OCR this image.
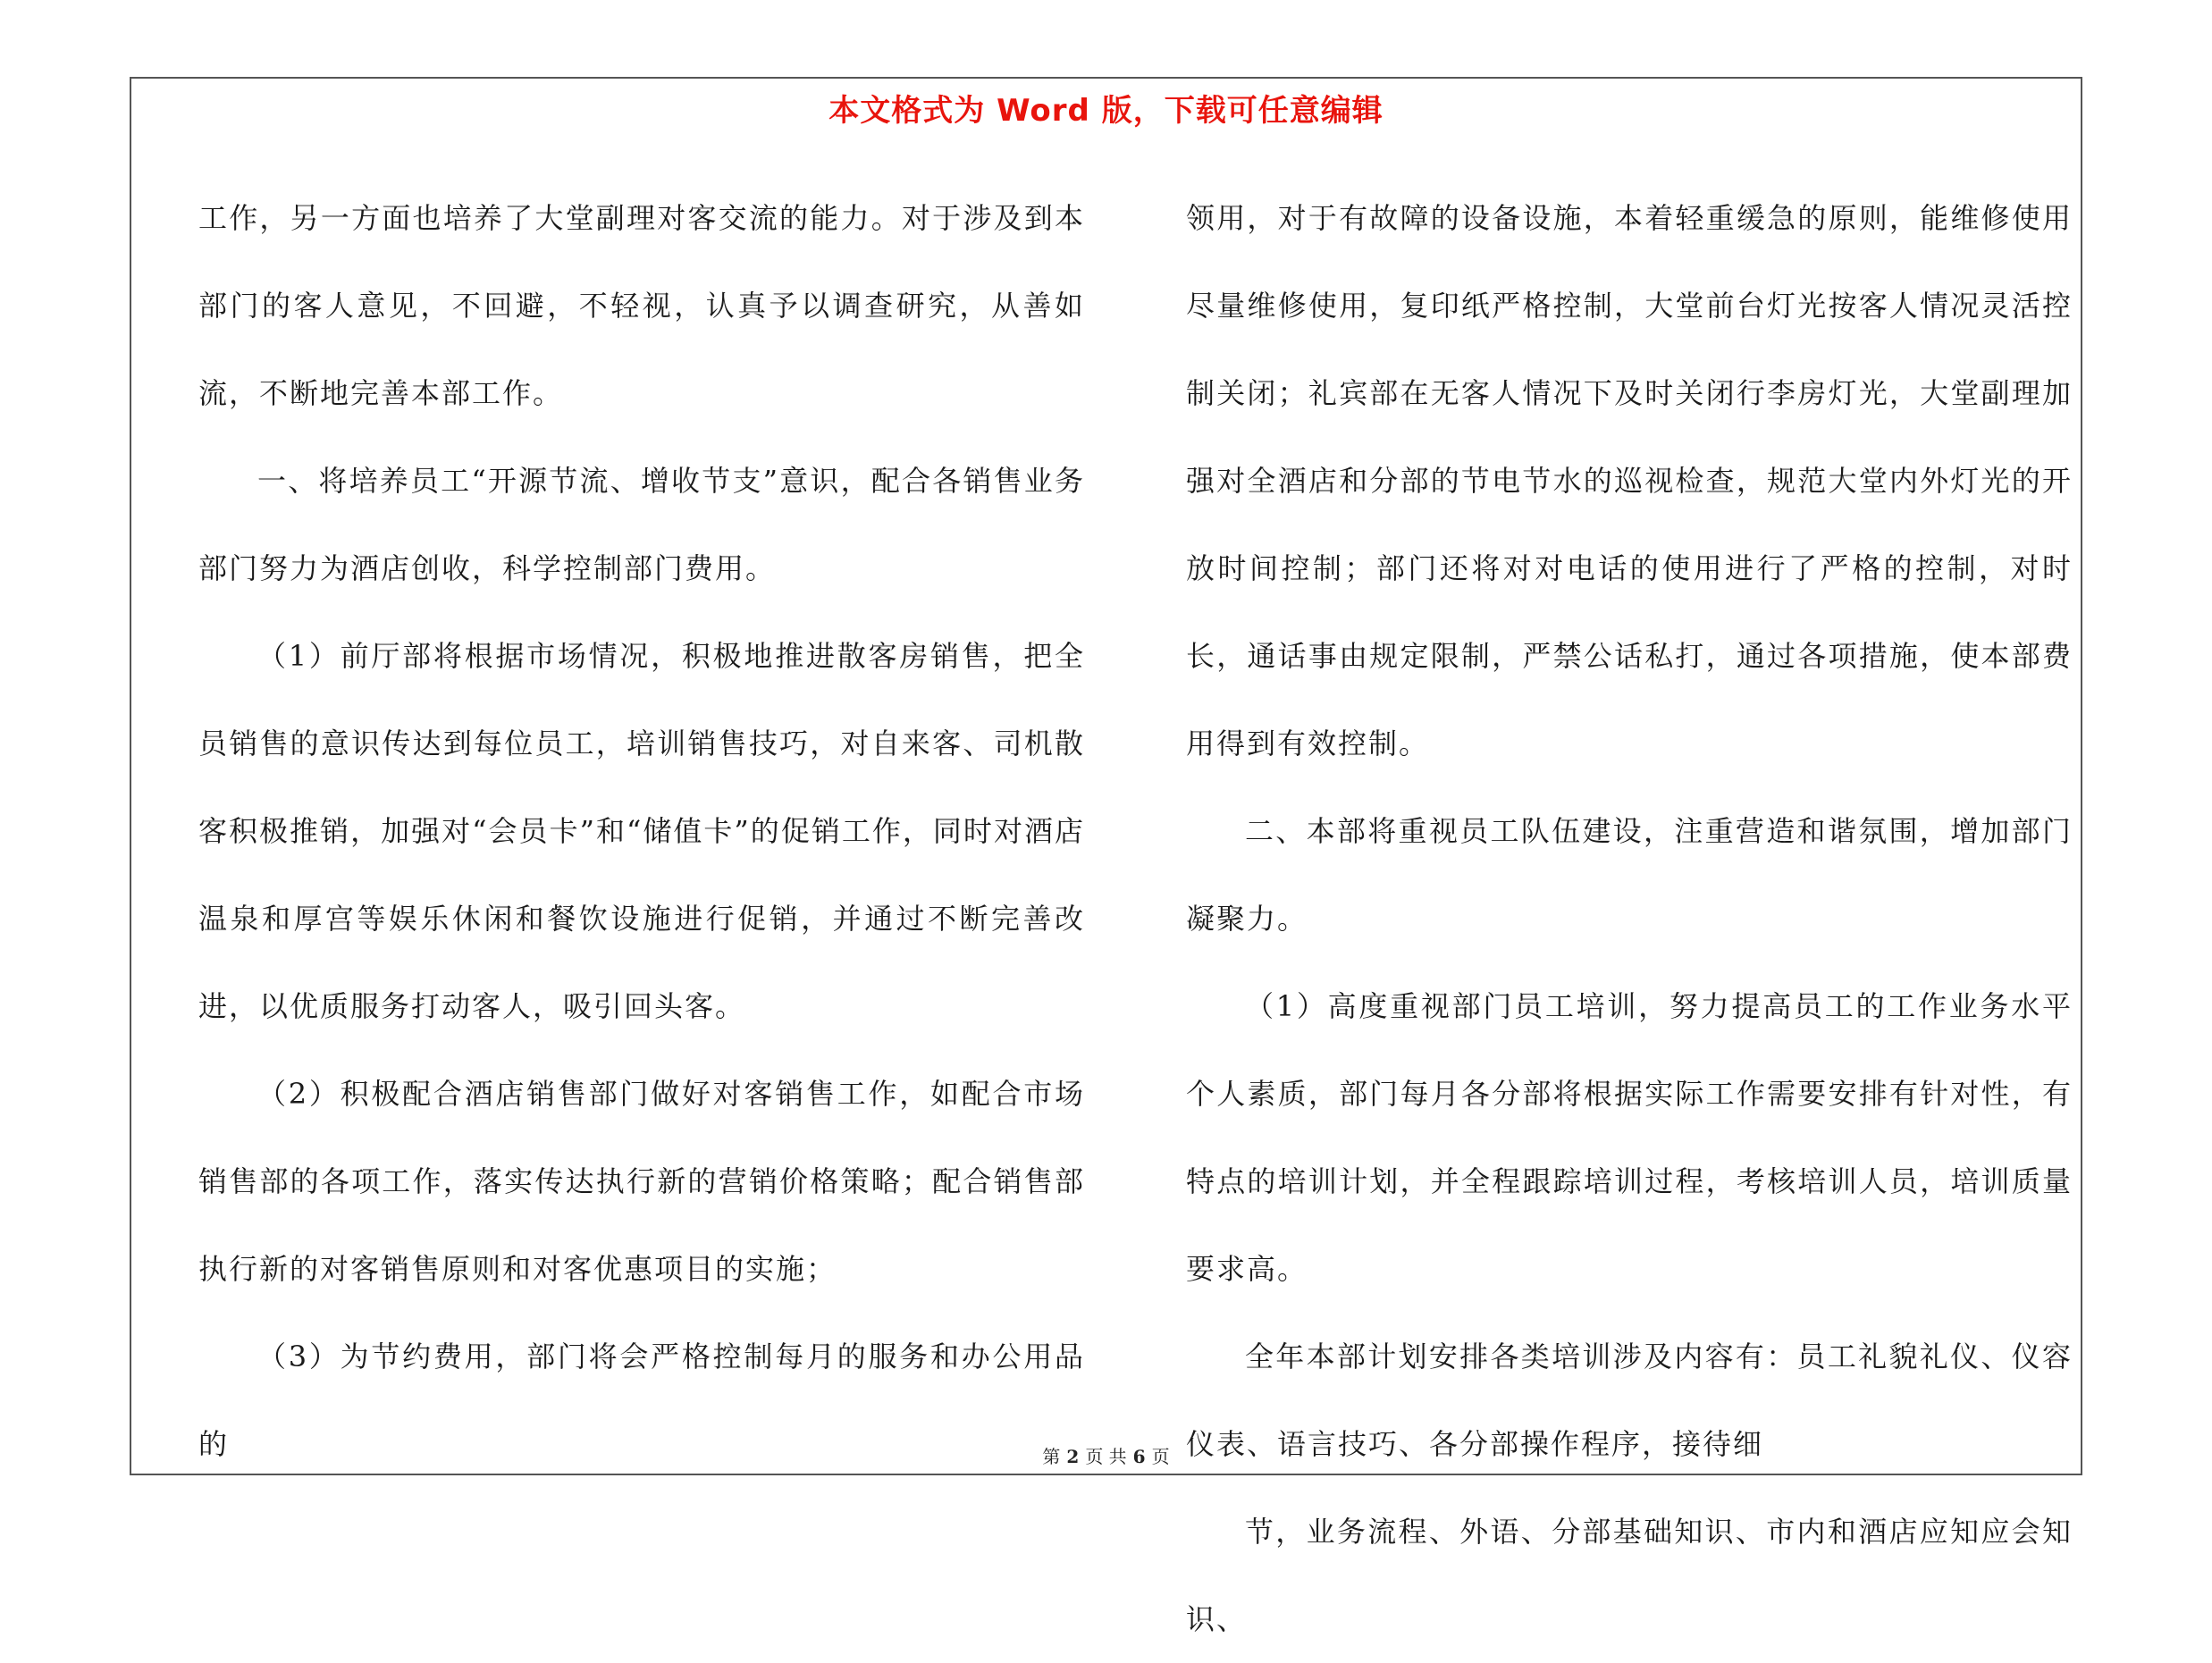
本文格式为 Word 版，下载可任意编辑

工作，另一方面也培养了大堂副理对客交流的能力。对于涉及到本部门的客人意见，不回避，不轻视，认真予以调查研究，从善如流，不断地完善本部工作。

一、将培养员工“开源节流、增收节支”意识，配合各销售业务部门努力为酒店创收，科学控制部门费用。

（1）前厅部将根据市场情况，积极地推进散客房销售，把全员销售的意识传达到每位员工，培训销售技巧，对自来客、司机散客积极推销，加强对“会员卡”和“储值卡”的促销工作，同时对酒店温泉和厚宫等娱乐休闲和餐饮设施进行促销，并通过不断完善改进，以优质服务打动客人，吸引回头客。

（2）积极配合酒店销售部门做好对客销售工作，如配合市场销售部的各项工作，落实传达执行新的营销价格策略；配合销售部执行新的对客销售原则和对客优惠项目的实施；

（3）为节约费用，部门将会严格控制每月的服务和办公用品的

领用，对于有故障的设备设施，本着轻重缓急的原则，能维修使用尽量维修使用，复印纸严格控制，大堂前台灯光按客人情况灵活控制关闭；礼宾部在无客人情况下及时关闭行李房灯光，大堂副理加强对全酒店和分部的节电节水的巡视检查，规范大堂内外灯光的开放时间控制；部门还将对对电话的使用进行了严格的控制，对时长，通话事由规定限制，严禁公话私打，通过各项措施，使本部费用得到有效控制。

二、本部将重视员工队伍建设，注重营造和谐氛围，增加部门凝聚力。

（1）高度重视部门员工培训，努力提高员工的工作业务水平个人素质，部门每月各分部将根据实际工作需要安排有针对性，有特点的培训计划，并全程跟踪培训过程，考核培训人员，培训质量要求高。

全年本部计划安排各类培训涉及内容有：员工礼貌礼仪、仪容仪表、语言技巧、各分部操作程序，接待细

节，业务流程、外语、分部基础知识、市内和酒店应知应会知识、

第 2 页 共 6 页
